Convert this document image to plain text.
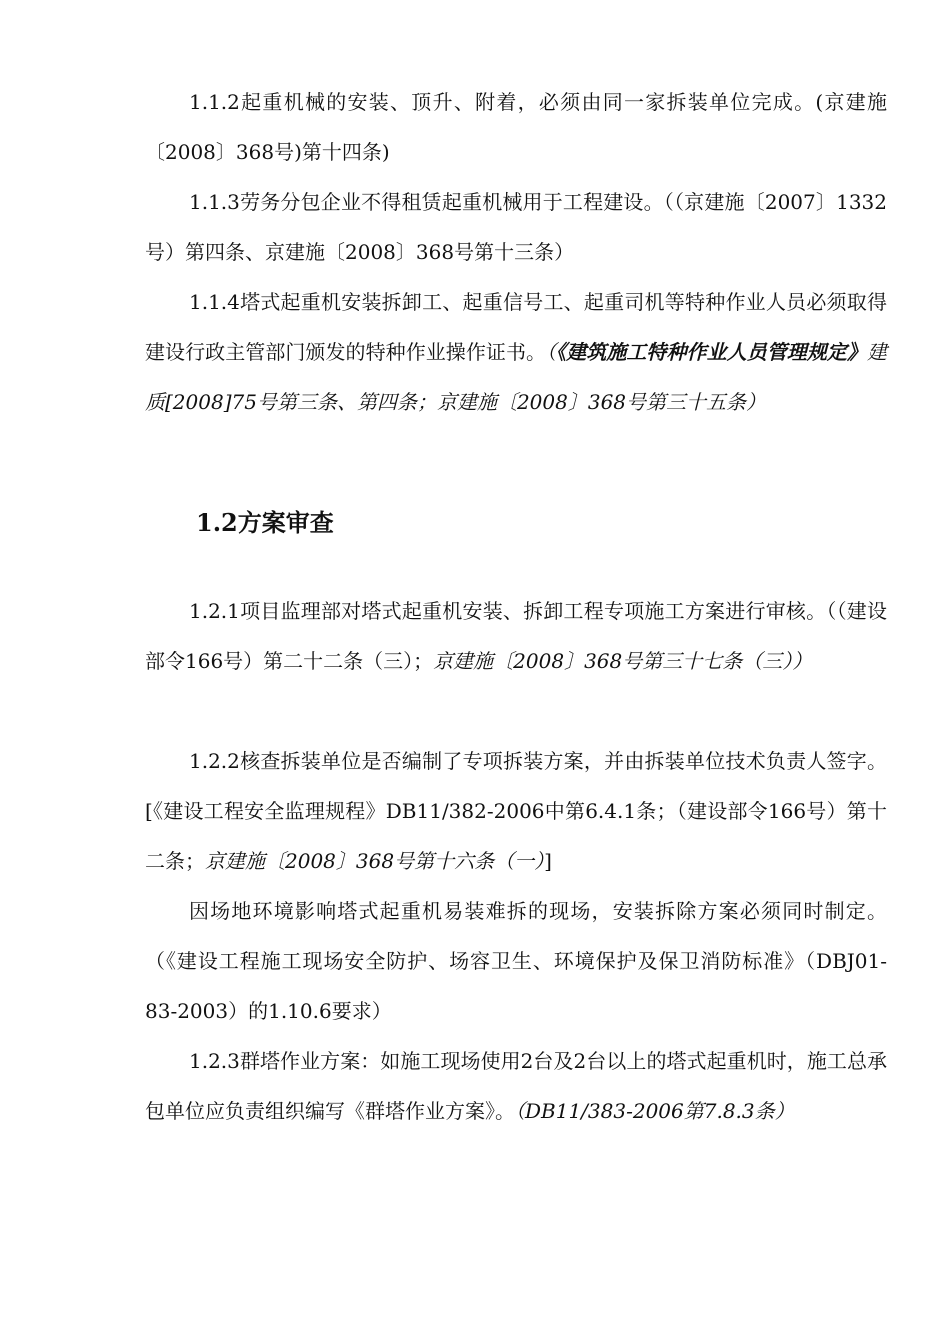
1.1.2起重机械的安装、顶升、附着，必须由同一家拆装单位完成。(京建施〔2008〕368号)第十四条)

1.1.3劳务分包企业不得租赁起重机械用于工程建设。（（京建施〔2007〕1332号）第四条、京建施〔2008〕368号第十三条）

1.1.4塔式起重机安装拆卸工、起重信号工、起重司机等特种作业人员必须取得建设行政主管部门颁发的特种作业操作证书。（《建筑施工特种作业人员管理规定》建质[2008]75号第三条、第四条；京建施〔2008〕368号第三十五条）

1.2方案审查

1.2.1项目监理部对塔式起重机安装、拆卸工程专项施工方案进行审核。（（建设部令166号）第二十二条（三）；京建施〔2008〕368号第三十七条（三））

1.2.2核查拆装单位是否编制了专项拆装方案，并由拆装单位技术负责人签字。[《建设工程安全监理规程》DB11/382-2006中第6.4.1条；（建设部令166号）第十二条；京建施〔2008〕368号第十六条（一）]

因场地环境影响塔式起重机易装难拆的现场，安装拆除方案必须同时制定。（《建设工程施工现场安全防护、场容卫生、环境保护及保卫消防标准》（DBJ01-83-2003）的1.10.6要求）

1.2.3群塔作业方案：如施工现场使用2台及2台以上的塔式起重机时，施工总承包单位应负责组织编写《群塔作业方案》。（DB11/383-2006第7.8.3条）
